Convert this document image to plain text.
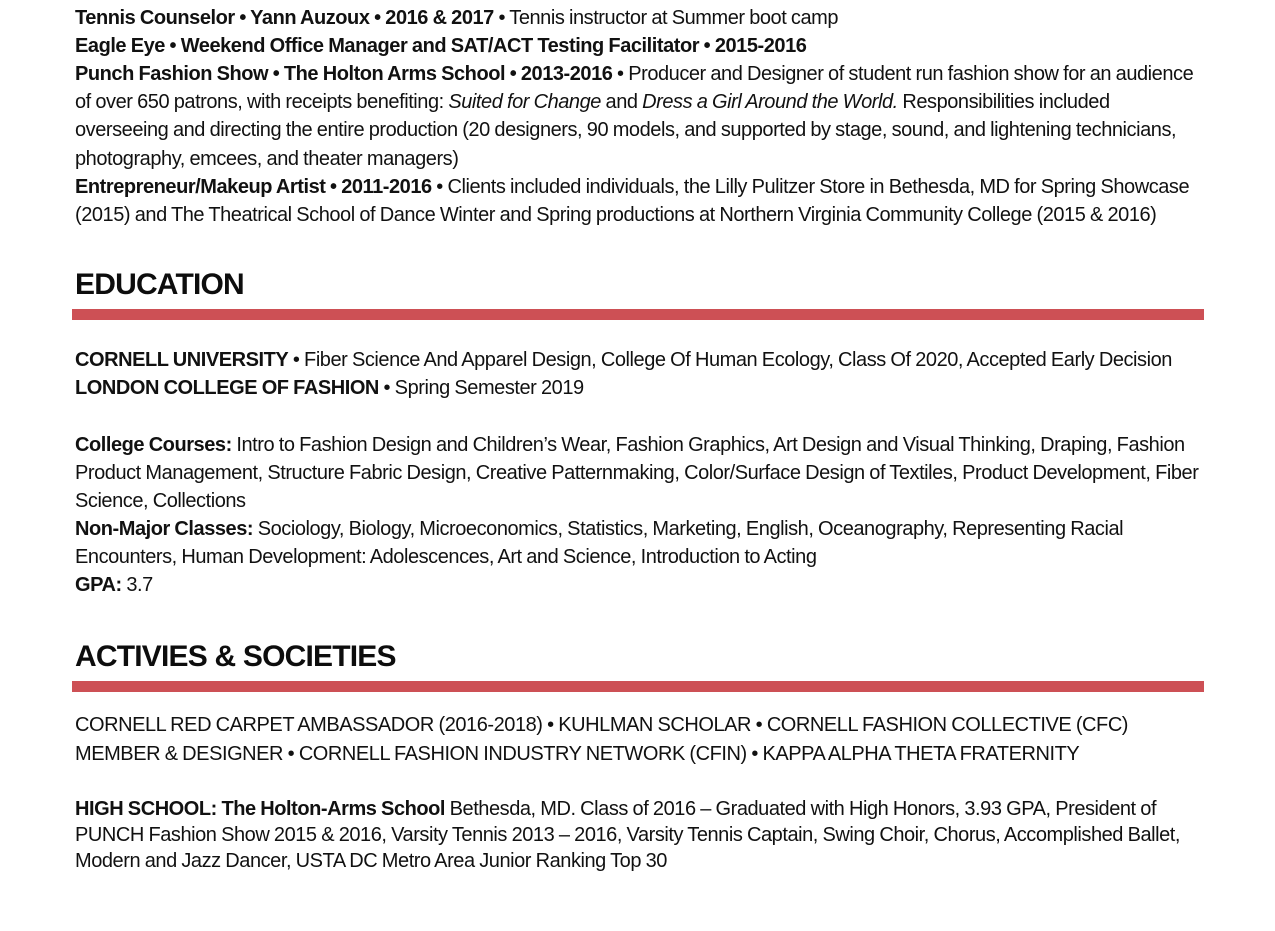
Tennis Counselor • Yann Auzoux • 2016 & 2017 • Tennis instructor at Summer boot camp
Eagle Eye • Weekend Office Manager and SAT/ACT Testing Facilitator • 2015-2016
Punch Fashion Show • The Holton Arms School • 2013-2016 • Producer and Designer of student run fashion show for an audience of over 650 patrons, with receipts benefiting: Suited for Change and Dress a Girl Around the World. Responsibilities included overseeing and directing the entire production (20 designers, 90 models, and supported by stage, sound, and lightening technicians, photography, emcees, and theater managers)
Entrepreneur/Makeup Artist • 2011-2016 • Clients included individuals, the Lilly Pulitzer Store in Bethesda, MD for Spring Showcase (2015) and The Theatrical School of Dance Winter and Spring productions at Northern Virginia Community College (2015 & 2016)
EDUCATION
CORNELL UNIVERSITY • Fiber Science And Apparel Design, College Of Human Ecology, Class Of 2020, Accepted Early Decision
LONDON COLLEGE OF FASHION • Spring Semester 2019
College Courses: Intro to Fashion Design and Children’s Wear, Fashion Graphics, Art Design and Visual Thinking, Draping, Fashion Product Management, Structure Fabric Design, Creative Patternmaking, Color/Surface Design of Textiles, Product Development, Fiber Science, Collections
Non-Major Classes: Sociology, Biology, Microeconomics, Statistics, Marketing, English, Oceanography, Representing Racial Encounters, Human Development: Adolescences, Art and Science, Introduction to Acting
GPA: 3.7
ACTIVIES & SOCIETIES
CORNELL RED CARPET AMBASSADOR (2016-2018) • KUHLMAN SCHOLAR • CORNELL FASHION COLLECTIVE (CFC)
MEMBER & DESIGNER • CORNELL FASHION INDUSTRY NETWORK (CFIN) • KAPPA ALPHA THETA FRATERNITY
HIGH SCHOOL: The Holton-Arms School Bethesda, MD. Class of 2016 – Graduated with High Honors, 3.93 GPA, President of PUNCH Fashion Show 2015 & 2016, Varsity Tennis 2013 – 2016, Varsity Tennis Captain, Swing Choir, Chorus, Accomplished Ballet, Modern and Jazz Dancer, USTA DC Metro Area Junior Ranking Top 30
